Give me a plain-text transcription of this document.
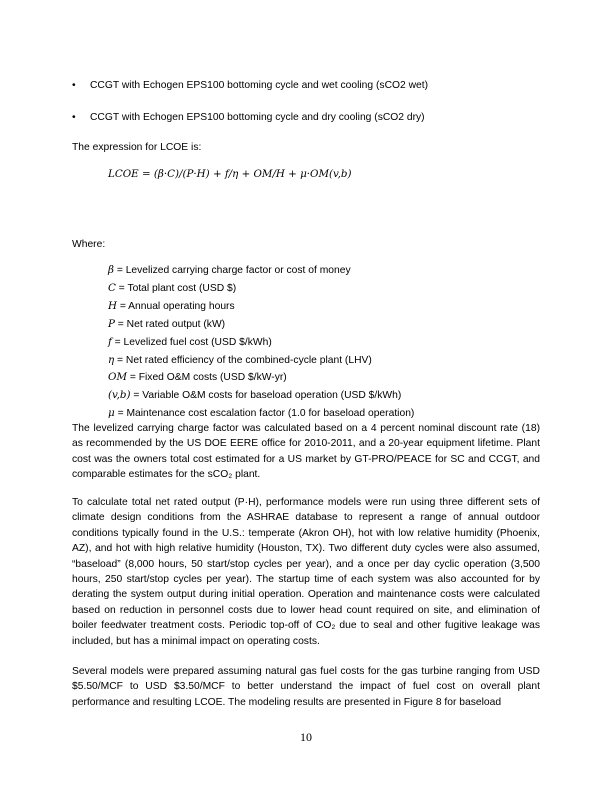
• CCGT with Echogen EPS100 bottoming cycle and wet cooling (sCO2 wet)
• CCGT with Echogen EPS100 bottoming cycle and dry cooling (sCO2 dry)
The expression for LCOE is:
LCOE = (β·C)/(P·H) + f/η + OM/H + μ·OM(v,b)
Where:
β = Levelized carrying charge factor or cost of money
C = Total plant cost (USD $)
H = Annual operating hours
P = Net rated output (kW)
f = Levelized fuel cost (USD $/kWh)
η = Net rated efficiency of the combined-cycle plant (LHV)
OM = Fixed O&M costs (USD $/kW-yr)
(v,b) = Variable O&M costs for baseload operation (USD $/kWh)
μ = Maintenance cost escalation factor (1.0 for baseload operation)

The levelized carrying charge factor was calculated based on a 4 percent nominal discount rate (18) as recommended by the US DOE EERE office for 2010-2011, and a 20-year equipment lifetime. Plant cost was the owners total cost estimated for a US market by GT-PRO/PEACE for SC and CCGT, and comparable estimates for the sCO₂ plant.

To calculate total net rated output (P·H), performance models were run using three different sets of climate design conditions from the ASHRAE database to represent a range of annual outdoor conditions typically found in the U.S.: temperate (Akron OH), hot with low relative humidity (Phoenix, AZ), and hot with high relative humidity (Houston, TX). Two different duty cycles were also assumed, “baseload” (8,000 hours, 50 start/stop cycles per year), and a once per day cyclic operation (3,500 hours, 250 start/stop cycles per year). The startup time of each system was also accounted for by derating the system output during initial operation. Operation and maintenance costs were calculated based on reduction in personnel costs due to lower head count required on site, and elimination of boiler feedwater treatment costs. Periodic top-off of CO₂ due to seal and other fugitive leakage was included, but has a minimal impact on operating costs.

Several models were prepared assuming natural gas fuel costs for the gas turbine ranging from USD $5.50/MCF to USD $3.50/MCF to better understand the impact of fuel cost on overall plant performance and resulting LCOE. The modeling results are presented in Figure 8 for baseload

10
